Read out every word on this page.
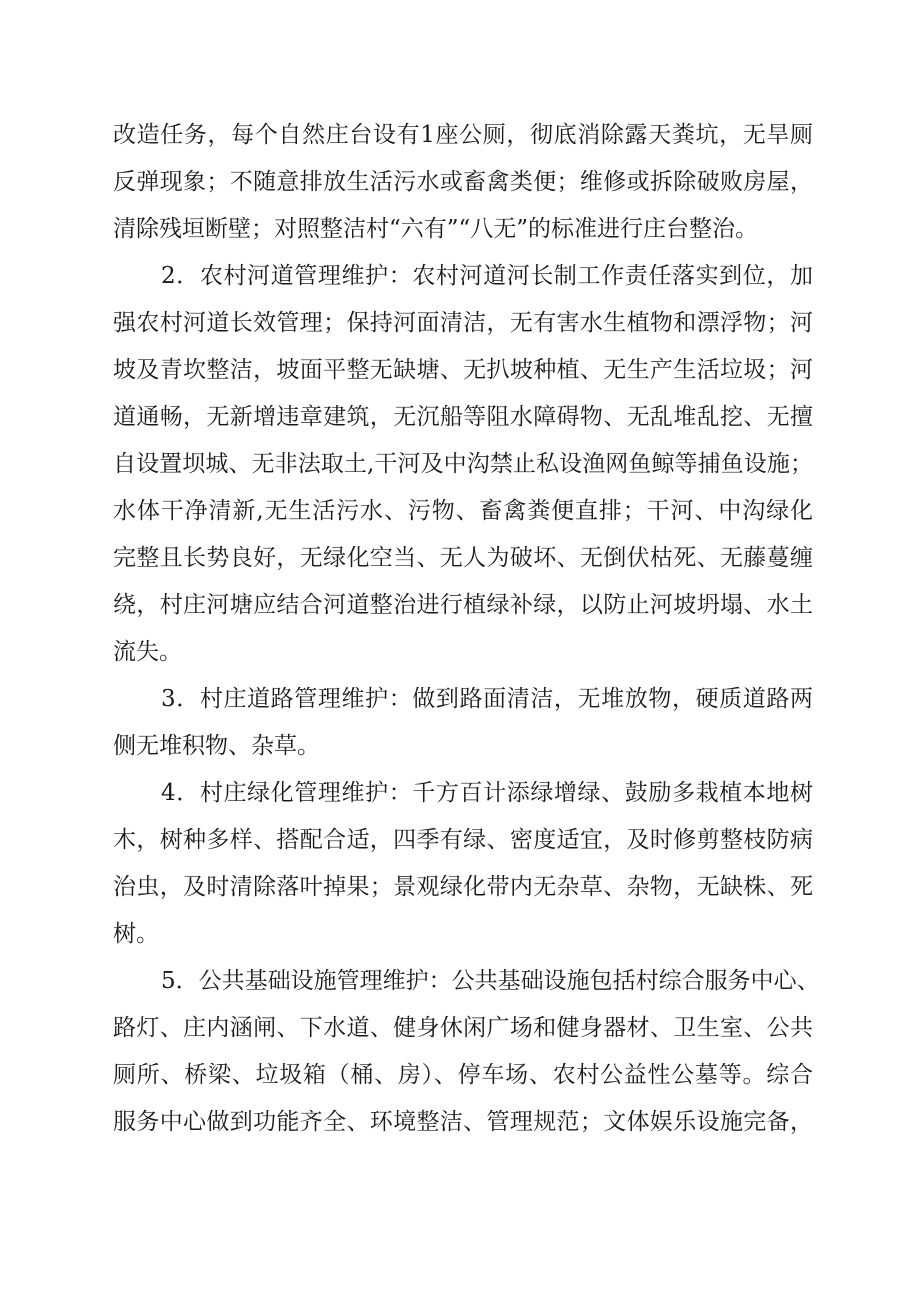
改造任务，每个自然庄台设有1座公厕，彻底消除露天粪坑，无旱厕
反弹现象；不随意排放生活污水或畜禽类便；维修或拆除破败房屋，
清除残垣断壁；对照整洁村“六有”“八无”的标准进行庄台整治。
2．农村河道管理维护：农村河道河长制工作责任落实到位，加
强农村河道长效管理；保持河面清洁，无有害水生植物和漂浮物；河
坡及青坎整洁，坡面平整无缺塘、无扒坡种植、无生产生活垃圾；河
道通畅，无新增违章建筑，无沉船等阻水障碍物、无乱堆乱挖、无擅
自设置坝城、无非法取土,干河及中沟禁止私设渔网鱼鲸等捕鱼设施；
水体干净清新,无生活污水、污物、畜禽粪便直排；干河、中沟绿化
完整且长势良好，无绿化空当、无人为破坏、无倒伏枯死、无藤蔓缠
绕，村庄河塘应结合河道整治进行植绿补绿，以防止河坡坍塌、水土
流失。
3．村庄道路管理维护：做到路面清洁，无堆放物，硬质道路两
侧无堆积物、杂草。
4．村庄绿化管理维护：千方百计添绿增绿、鼓励多栽植本地树
木，树种多样、搭配合适，四季有绿、密度适宜，及时修剪整枝防病
治虫，及时清除落叶掉果；景观绿化带内无杂草、杂物，无缺株、死
树。
5．公共基础设施管理维护：公共基础设施包括村综合服务中心、
路灯、庄内涵闸、下水道、健身休闲广场和健身器材、卫生室、公共
厕所、桥梁、垃圾箱（桶、房）、停车场、农村公益性公墓等。综合
服务中心做到功能齐全、环境整洁、管理规范；文体娱乐设施完备，
